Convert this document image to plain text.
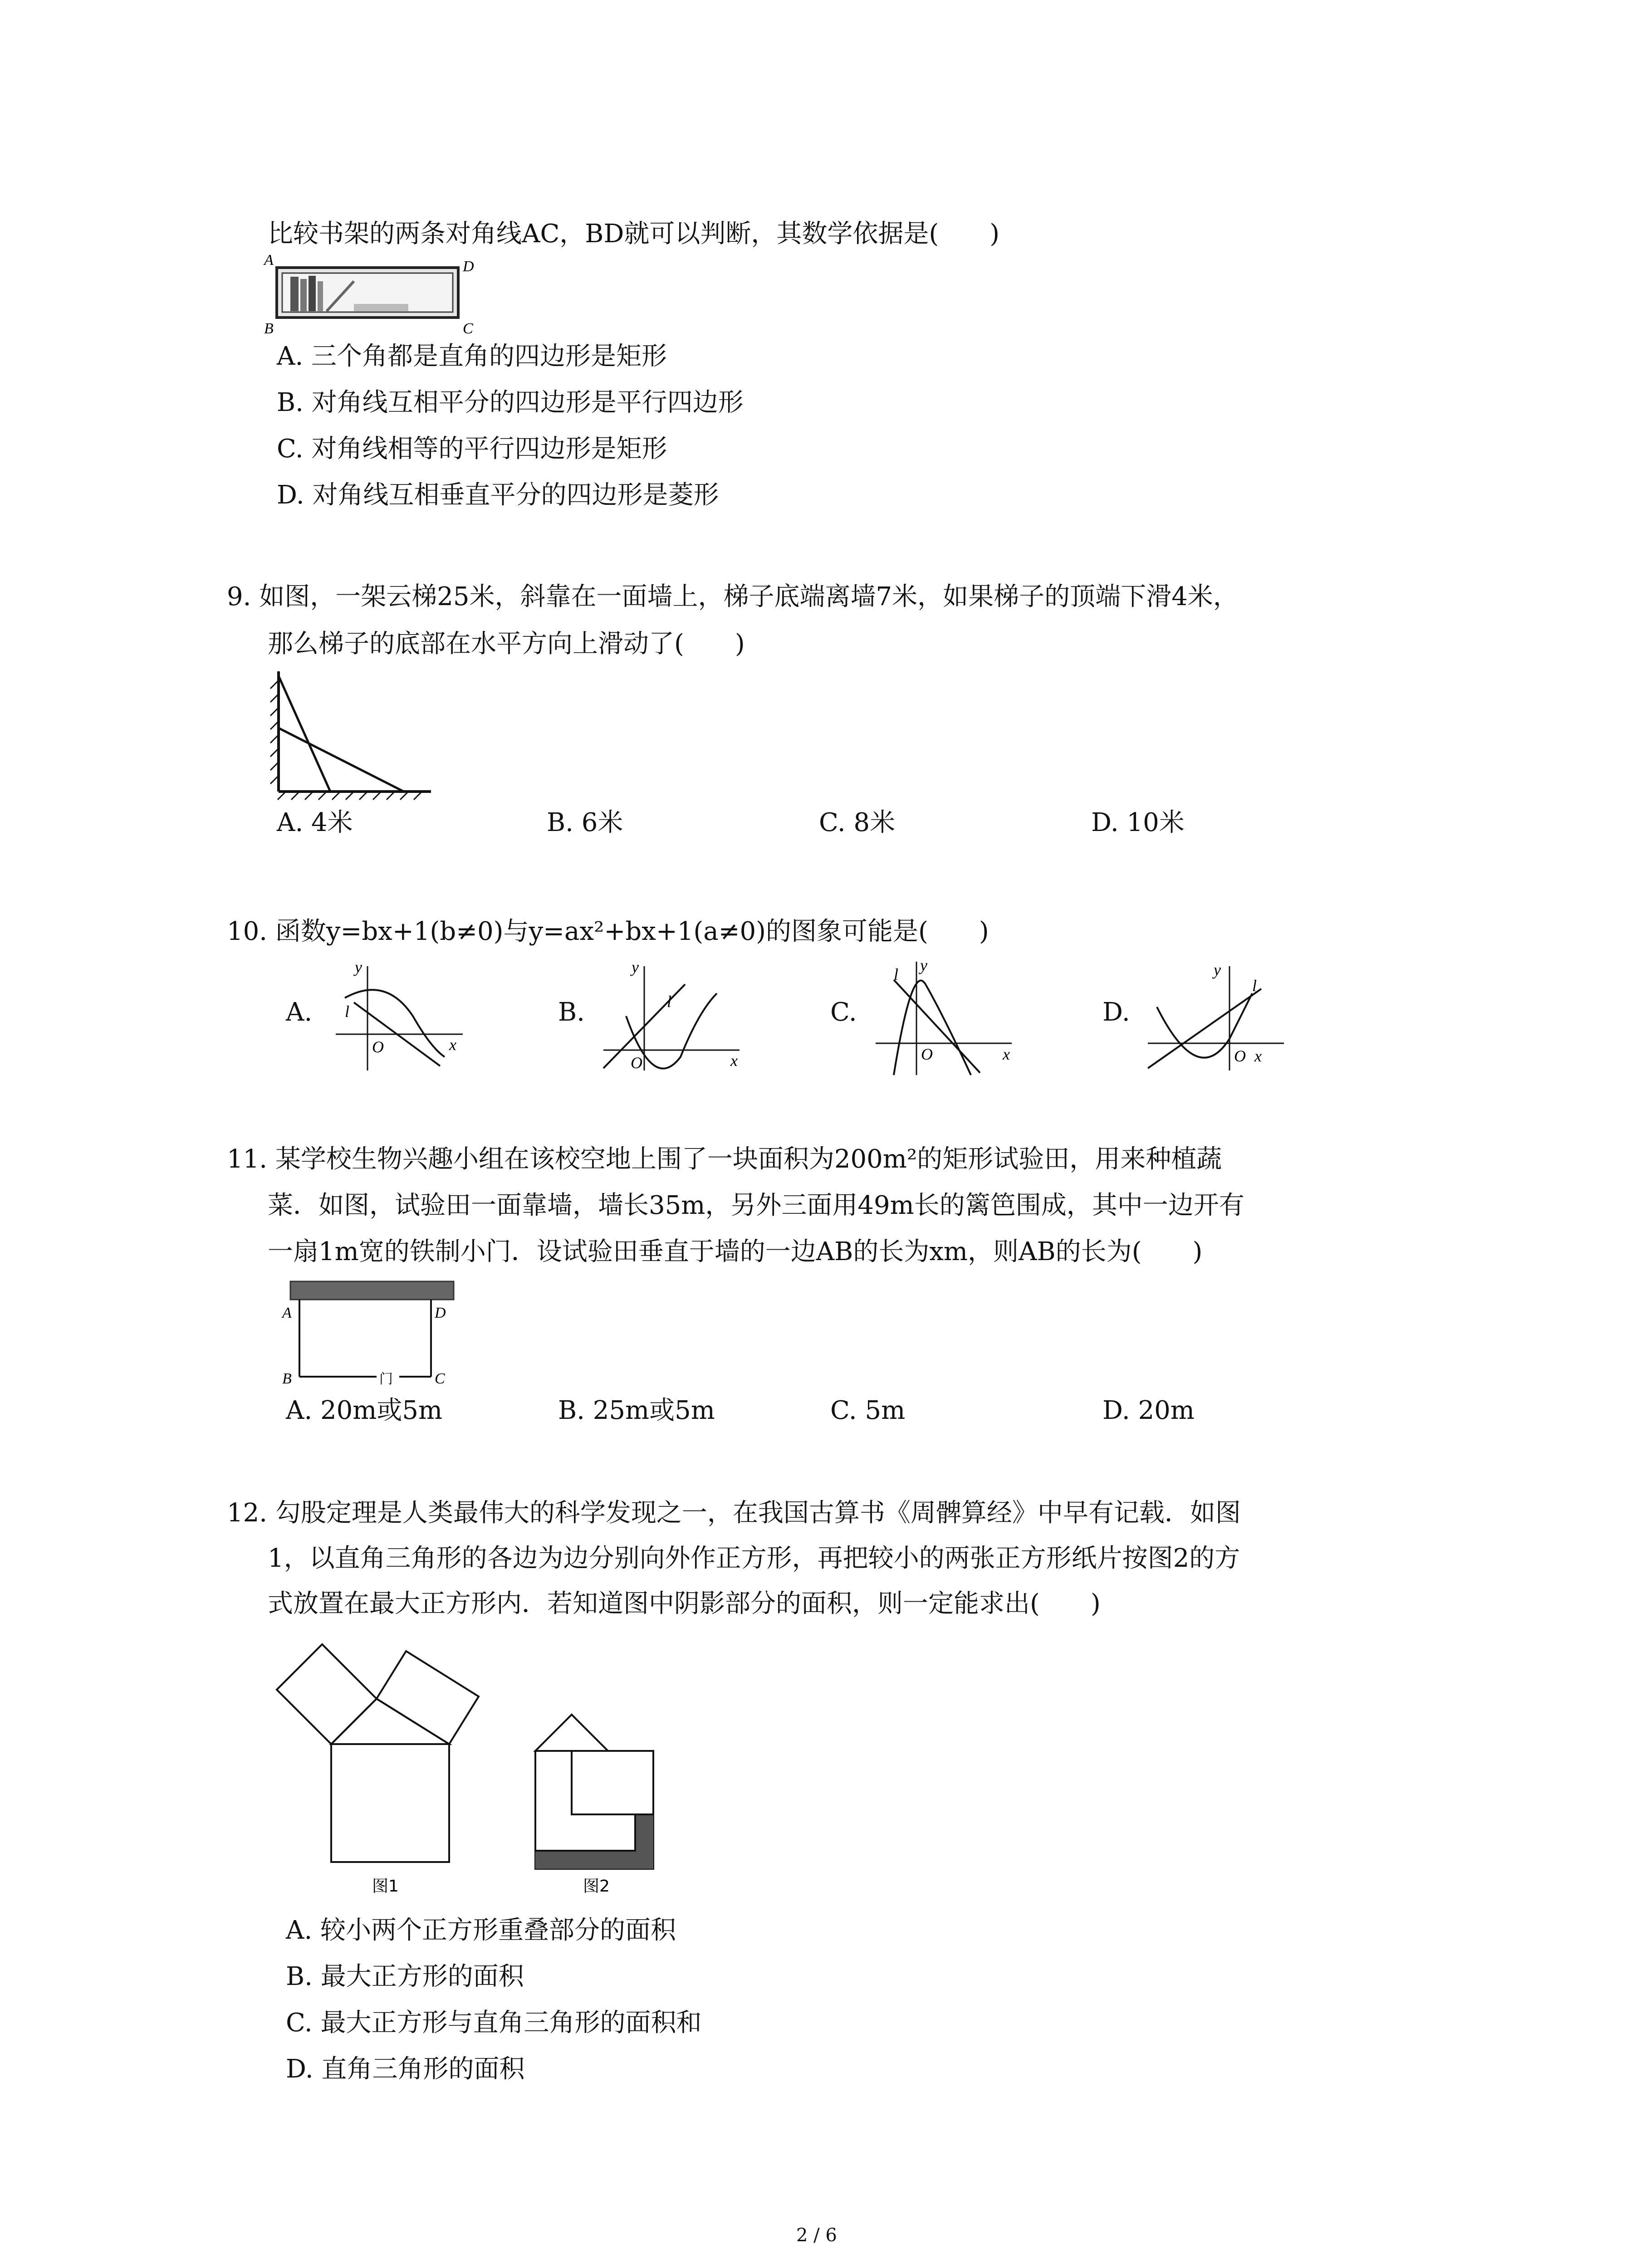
比较书架的两条对角线AC，BD就可以判断，其数学依据是(　　)
A	D
B	C
A. 三个角都是直角的四边形是矩形
B. 对角线互相平分的四边形是平行四边形
C. 对角线相等的平行四边形是矩形
D. 对角线互相垂直平分的四边形是菱形
9. 如图，一架云梯25米，斜靠在一面墙上，梯子底端离墙7米，如果梯子的顶端下滑4米，
那么梯子的底部在水平方向上滑动了(　　)
A. 4米	B. 6米	C. 8米	D. 10米
10. 函数y=bx+1(b≠0)与y=ax²+bx+1(a≠0)的图象可能是(　　)
A.
y
x
O
l	B.
y
x
O
l	C.
y
x
O
l
D.
y
x
O
l
11. 某学校生物兴趣小组在该校空地上围了一块面积为200m²的矩形试验田，用来种植蔬
菜．如图，试验田一面靠墙，墙长35m，另外三面用49m长的篱笆围成，其中一边开有
一扇1m宽的铁制小门．设试验田垂直于墙的一边AB的长为xm，则AB的长为(　　)
A	D
B	C
门
A. 20m或5m	B. 25m或5m	C. 5m	D. 20m
12. 勾股定理是人类最伟大的科学发现之一，在我国古算书《周髀算经》中早有记载．如图
1，以直角三角形的各边为边分别向外作正方形，再把较小的两张正方形纸片按图2的方
式放置在最大正方形内．若知道图中阴影部分的面积，则一定能求出(　　)
图1	图2
A. 较小两个正方形重叠部分的面积
B. 最大正方形的面积
C. 最大正方形与直角三角形的面积和
D. 直角三角形的面积
2 / 6
